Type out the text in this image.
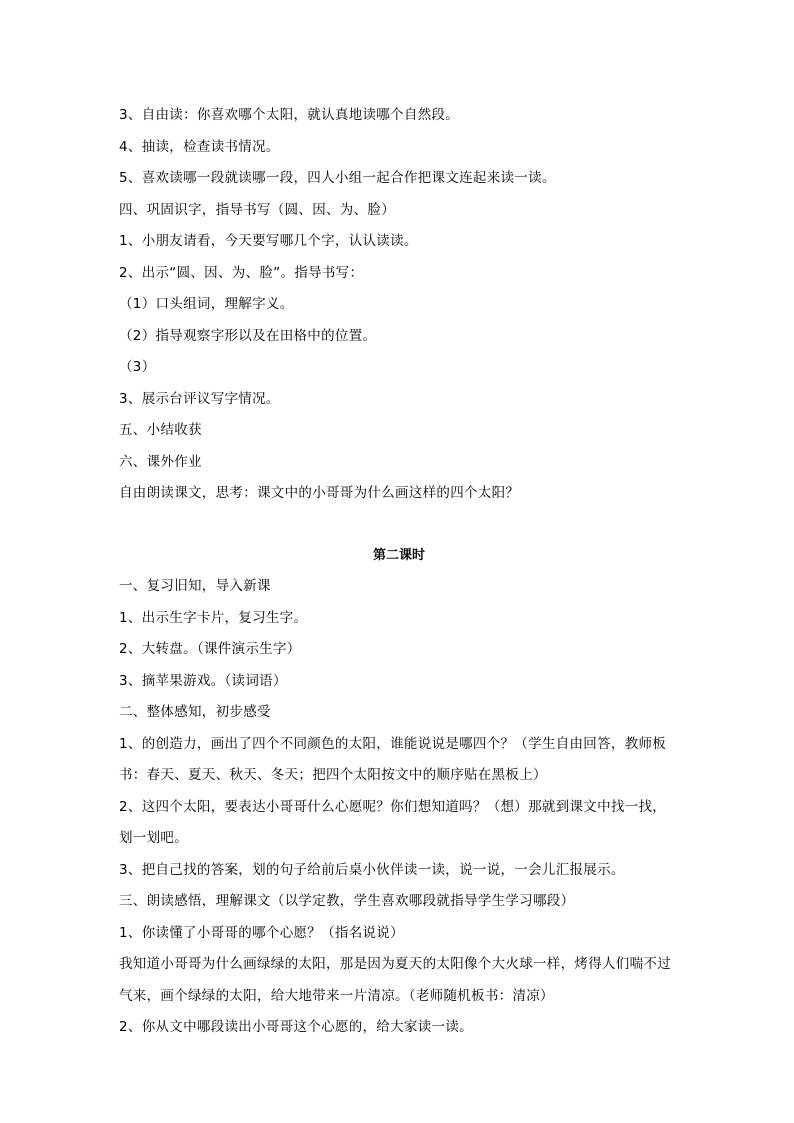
3、自由读：你喜欢哪个太阳，就认真地读哪个自然段。
4、抽读，检查读书情况。
5、喜欢读哪一段就读哪一段，四人小组一起合作把课文连起来读一读。
四、巩固识字，指导书写（圆、因、为、脸）
1、小朋友请看，今天要写哪几个字，认认读读。
2、出示“圆、因、为、脸”。指导书写：
（1）口头组词，理解字义。
（2）指导观察字形以及在田格中的位置。
（3）
3、展示台评议写字情况。
五、小结收获
六、课外作业
自由朗读课文，思考：课文中的小哥哥为什么画这样的四个太阳？
第二课时
一、复习旧知，导入新课
1、出示生字卡片，复习生字。
2、大转盘。（课件演示生字）
3、摘苹果游戏。（读词语）
二、整体感知，初步感受
1、的创造力，画出了四个不同颜色的太阳，谁能说说是哪四个？（学生自由回答，教师板
书：春天、夏天、秋天、冬天；把四个太阳按文中的顺序贴在黑板上）
2、这四个太阳，要表达小哥哥什么心愿呢？你们想知道吗？（想）那就到课文中找一找，
划一划吧。
3、把自己找的答案，划的句子给前后桌小伙伴读一读，说一说，一会儿汇报展示。
三、朗读感悟，理解课文（以学定教，学生喜欢哪段就指导学生学习哪段）
1、你读懂了小哥哥的哪个心愿？（指名说说）
我知道小哥哥为什么画绿绿的太阳，那是因为夏天的太阳像个大火球一样，烤得人们喘不过
气来，画个绿绿的太阳，给大地带来一片清凉。（老师随机板书：清凉）
2、你从文中哪段读出小哥哥这个心愿的，给大家读一读。
